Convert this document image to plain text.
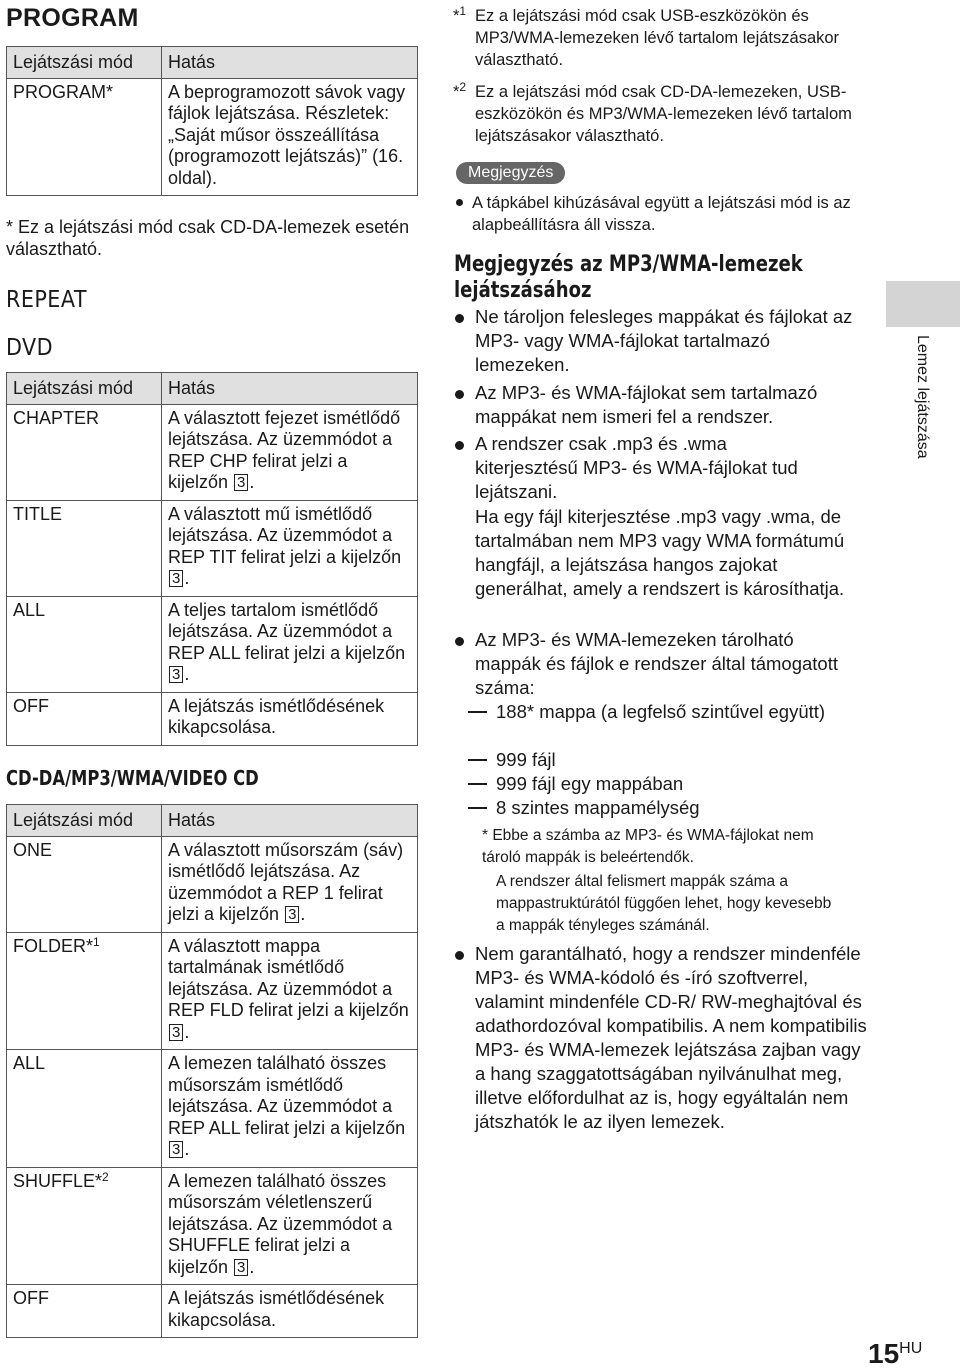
PROGRAM
Lejátszási mód	Hatás
PROGRAM*	A beprogramozott sávok vagy fájlok lejátszása. Részletek: „Saját műsor összeállítása (programozott lejátszás)” (16. oldal).
* Ez a lejátszási mód csak CD-DA-lemezek esetén választható.
REPEAT
DVD
Lejátszási mód	Hatás
CHAPTER	A választott fejezet ismétlődő lejátszása. Az üzemmódot a REP CHP felirat jelzi a kijelzőn 3 .
TITLE	A választott mű ismétlődő lejátszása. Az üzemmódot a REP TIT felirat jelzi a kijelzőn 3 .
ALL	A teljes tartalom ismétlődő lejátszása. Az üzemmódot a REP ALL felirat jelzi a kijelzőn 3 .
OFF	A lejátszás ismétlődésének kikapcsolása.
CD-DA/MP3/WMA/VIDEO CD
Lejátszási mód	Hatás
ONE	A választott műsorszám (sáv) ismétlődő lejátszása. Az üzemmódot a REP 1 felirat jelzi a kijelzőn 3 .
FOLDER*$^1$	A választott mappa tartalmának ismétlődő lejátszása. Az üzemmódot a REP FLD felirat jelzi a kijelzőn 3 .
ALL	A lemezen található összes műsorszám ismétlődő lejátszása. Az üzemmódot a REP ALL felirat jelzi a kijelzőn 3 .
SHUFFLE*$^2$	A lemezen található összes műsorszám véletlenszerű lejátszása. Az üzemmódot a SHUFFLE felirat jelzi a kijelzőn 3 .
OFF	A lejátszás ismétlődésének kikapcsolása.
*$^1$ Ez a lejátszási mód csak USB-eszközökön és MP3/WMA-lemezeken lévő tartalom lejátszásakor választható.
*$^2$ Ez a lejátszási mód csak CD-DA-lemezeken, USB-eszközökön és MP3/WMA-lemezeken lévő tartalom lejátszásakor választható.
Megjegyzés
A tápkábel kihúzásával együtt a lejátszási mód is az alapbeállításra áll vissza.
Megjegyzés az MP3/WMA-lemezek
lejátszásához
Ne tároljon felesleges mappákat és fájlokat az MP3- vagy WMA-fájlokat tartalmazó lemezeken.
Az MP3- és WMA-fájlokat sem tartalmazó mappákat nem ismeri fel a rendszer.
A rendszer csak .mp3 és .wma kiterjesztésű MP3- és WMA-fájlokat tud lejátszani.
Ha egy fájl kiterjesztése .mp3 vagy .wma, de tartalmában nem MP3 vagy WMA formátumú hangfájl, a lejátszása hangos zajokat generálhat, amely a rendszert is károsíthatja.
Az MP3- és WMA-lemezeken tárolható mappák és fájlok e rendszer által támogatott száma:
188* mappa (a legfelső szintűvel együtt)
999 fájl
999 fájl egy mappában
8 szintes mappamélység
* Ebbe a számba az MP3- és WMA-fájlokat nem tároló mappák is beleértendők.
A rendszer által felismert mappák száma a mappastruktúrától függően lehet, hogy kevesebb a mappák tényleges számánál.
Nem garantálható, hogy a rendszer mindenféle MP3- és WMA-kódoló és -író szoftverrel, valamint mindenféle CD-R/ RW-meghajtóval és adathordozóval kompatibilis. A nem kompatibilis MP3- és WMA-lemezek lejátszása zajban vagy a hang szaggatottságában nyilvánulhat meg, illetve előfordulhat az is, hogy egyáltalán nem játszhatók le az ilyen lemezek.
Lemez lejátszása
$15^{HU}$
